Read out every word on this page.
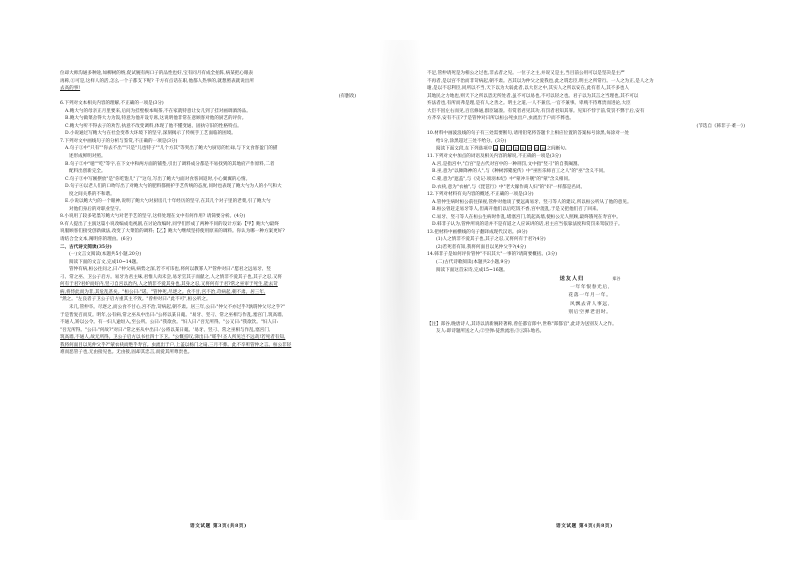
位却大师沟通多种途,如柳树的纳,促试婉有两口子的品性也好,宝有同月有成全拍阵,病某把心眼表
再称,①可是,这样人的活,怎么一个子都支下呢? 千方有点话在职,他都人热事的,就想照表就说出所
去高的事!
(有删改)
6.下列对文本相关内容的理解,不正确的一项是(3分)
A.鲍大勺的母亲正月里要来,后问为挂壁根本喝茶,不在家就特意让女儿到了挂对画调酒汤品。
B.鲍大勺做菜舍得大力为饭,特意为他开设专席,这说明他非常在意顾客对他的厨艺的评价。
C.鲍大勺听不得去子的劝告,执意不改变调料,体现了他不懂变通、固执守旧的性格特点。
D.小说通过写鲍大勺在社会变革大环境下的坚守,深刻揭示了传统手工艺面临的困境。
7.下列对文中画线句子的分析与鉴赏,不正确的一项是(3分)
A.句子①中"只有""你去不出""只是"儿也特子""儿个方其"等突出了鲍大勺厨房的忙碌,与下文食客盈门的描
述形成鲜明对照。
B.句子②中"噫""吃"等字,在下文中和两方面的铺垫,引出了调料成分都是不易找到的其地府产作原料,二者
配料出创新完全。
C.句子③中写刚摆放"是"你吃饱儿"了"这句,写出了鲍大勺面对食客回返时,小心翼翼的心情。
D.句子④以老人们的口吻写出了对鲍大勺的肥料都拥护手艺传统的态度,同时也表现了鲍大勺为人的小气和大
度之间关系的不和谐。
E.小说以鲍大勺的一个眼神,说明了鲍大勺对厨房几十年经历的坚守,在其几个对子里的老菜,引了鲍大勺
对他们身后的对职业坚守。
8.小说用了较多笔墨写鲍大勺对老手艺的坚守,这样处理在文中有何作用? 请简要分析。(4分)
9.有人提出了主演这篇小说改编成电视剧,在讨论改编时,同学们形成了两种不同的设计方案:【甲】鲍大勺最终
说服顾客们接受创新做法,改变了大菜馆的调料;【乙】鲍大勺继续坚持使用原来的调料。你认为哪一种方案更好?
请结合全文本,阐明你的理由。(6分)
二、古代诗文阅读(35分)
(一)文言文阅读(本题共5小题,20分)
阅读下面的文言文,完成10~14题。
管仲有病,桓公往问之,曰:"仲父病,病势之深,若不可讳也,将何以教寡人?"管仲对曰:"愿君之远易牙、竖
刁、常之巫、卫公子启方。易牙为君主味,君惟人肉未尝,易牙烹其子而献之,人之情非不爱其子也,其子之忍,又将
何有于君?君妒而好内,竖刁自宫以治内,人之情非不爱其身也,其身之忍,又将何有于君?常之巫审于死生,能去苛
病,将恃此而为非,其危乱甚矣。"桓公曰:"诺。"管仲死,尽逐之。食不甘,宫不治,苛病起,朝不肃。居三年,
"然之。"左良者子卫公子启方重其主不致。"曾仲对曰:"此不可",桓公听之。
未几,管仲卒。尽逐之,而公食不甘心,宫不治,苛病起,朝不肃。居三年,公曰:"仲父不亦过乎?孰谓仲父尽之乎?"
于是皆复召而反。明年,公有病,常之巫从中出曰:"公将以某日薨。"易牙、竖刁、常之巫相与作乱,塞宫门,筑高墙,
不通人,矫以公令。有一妇人逾垣入,至公所。公曰:"我欲食。"妇人曰:"吾无所得。"公又曰:"我欲饮。"妇人曰:
"吾无所得。"公曰:"何故?"对曰:"常之巫从中出曰:'公将以某日薨。'易牙、竖刁、常之巫相与作乱,塞宫门,
筑高墙,不通人,故无所得。卫公子启方以书社四十下卫。"公慨焉叹,涕出曰:"嗟乎!圣人所见岂不远哉!若死者有知,
我将何面目以见仲父乎?"蒙衣袂而绝乎寿宫。虫流出于户,上盖以杨门之扇,三月不葬。此不卒听管仲之言。桓公非轻
难而恶管子也,无由接见也。无由接,固却其忠言,而爱其所尊贵也。
不足,管仲请死是为相公之过也,非去者之见。一位子之主,并说又是主,当目前公用可以是坚决是主严
不再者,是以宫不治而非苛病起,朝不肃。吾其以为仲父之爱我也,此之谓忠臣,明主之所常行。一人之为正,是人之为
谢,是以不忍利臣,同所以不当,天下以为大弱此者,以大臣之中,其实人之所以安在,此有者人,其不多也人
其地民之力地也,则天下之所以恐无所处者,虽不可以易也,不可以轻之也。君子以为其言之当理也,其不可以
弃法者也,有所而弗是理,是有人之善之。明主之道,一人不兼官,一官不兼事。卑贱不待尊贵而进论,大臣
大臣不因左右而见,百官修通,群臣辐凑。有赏者君见其功,有罚者君知其罪。见知不悖于前,赏罚不弊于后,安有
方齐卒,安有不正?于是管仲对曰所以桓公死虫出户,虫流出于户而不葬也。
(节选自《韩非子·难一》)
10.材料中画波浪线的句子有三处需要断句,请用铅笔将答题卡上相应位置的答案标号涂黑,每涂对一处
给1分,涂黑超过三处不给分。(3分)
阅读下面文段,在下列选项中 A B C D E F G H 之间断句。
11.下列对文中加点的词语及相关内容的解说,不正确的一项是(3分)
A.宫,是指宫中,"自宫"是古代对宫中的一种刑罚,文中指"竖刁"的自我阉割。
B.巫,意为"以舞降神的人",与《种树郭橐驼传》中"巫医乐师百工之人"的"巫"含义不同。
C.蒙,意为"遮盖",与《史记·项羽本纪》中"蒙冲斗舰"的"蒙"含义相同。
D.衣袂,意为"衣袖",与《琵琶行》中"老大嫁作商人妇"的"妇"一样都是名词。
12.下列对材料有关内容的概述,不正确的一项是(3分)
A.管仲生病时桓公前往探视,管仲对他谈了要远离易牙、竖刁等人的建议,所以桓公听从了他的意见。
B.桓公曾赶走易牙等人,但离开他们以后吃饭不香,宫中混乱,于是又把他们召了回来。
C.易牙、竖刁等人在桓公生病时作乱,堵塞宫门,筑起高墙,使桓公无人照顾,最终饿死在寿宫中。
D.韩非子认为,管仲所说的话并不是有道之人应该讲的话,君主应当依靠法度和赏罚来驾驭臣子。
13.把材料中画横线的句子翻译成现代汉语。(8分)
(1)人之情非不爱其子也,其子之忍,又将何有于君?(4分)
(2)若死者有知,我将何面目以见仲父乎?(4分)
14.韩非子是如何评价管仲"不识其大"一事的?请简要概括。(3分)
(二)古代诗歌阅读(本题共2小题,9分)
阅读下面这首宋诗,完成15~16题。
送友人归	郑谷
一年年恨春光后,
花落一年月一年。
风飘去背人事远,
别后空弹老泪时。
【注】郑谷,晚唐诗人,其诗以清新婉转著称,曾任都官郎中,世称"郑都官",此诗为送别友人之作。
友人:即诗题所送之人;②空弹:徒然流泪;③云阳:地名。
语文试题 第3页(共8页)	语文试题 第4页(共8页)
